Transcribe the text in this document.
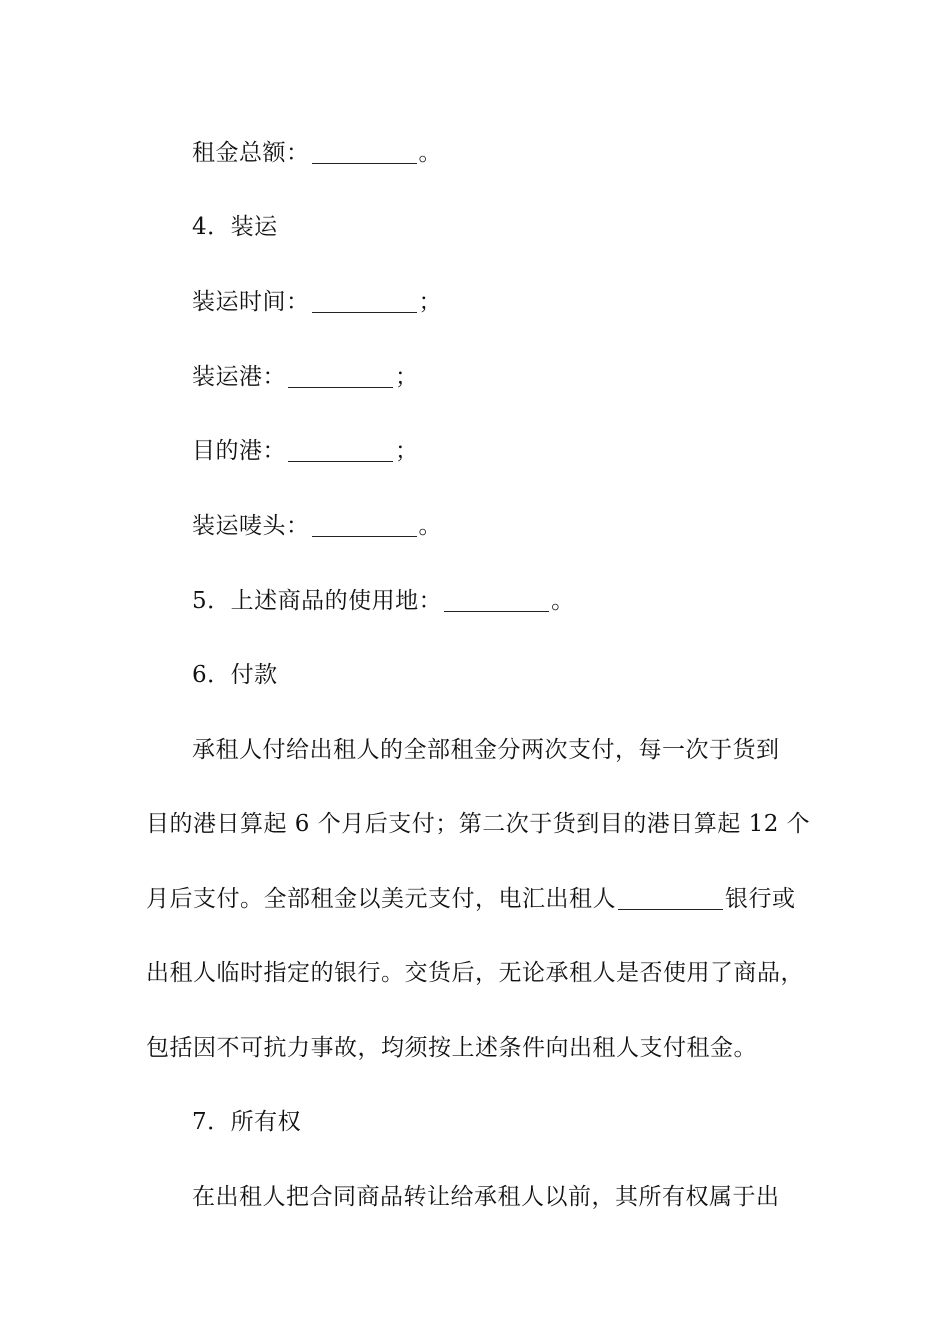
租金总额：	。
4．装运
装运时间：	；
装运港：	；
目的港：	；
装运唛头：	。
5．上述商品的使用地：	。
6．付款
承租人付给出租人的全部租金分两次支付，每一次于货到
目的港日算起 6 个月后支付；第二次于货到目的港日算起 12 个
月后支付。全部租金以美元支付，电汇出租人	银行或
出租人临时指定的银行。交货后，无论承租人是否使用了商品，
包括因不可抗力事故，均须按上述条件向出租人支付租金。
7．所有权
在出租人把合同商品转让给承租人以前，其所有权属于出
